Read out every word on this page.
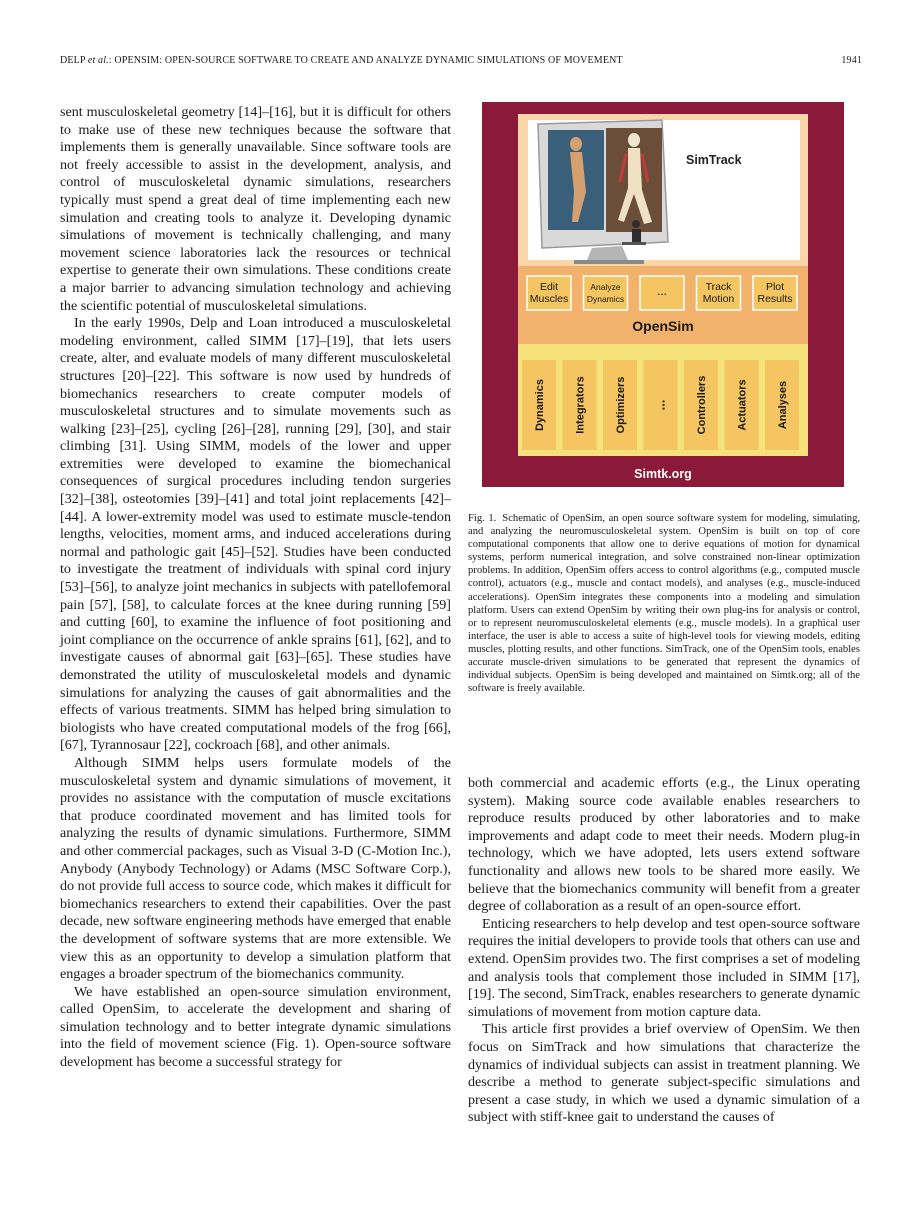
DELP et al.: OPENSIM: OPEN-SOURCE SOFTWARE TO CREATE AND ANALYZE DYNAMIC SIMULATIONS OF MOVEMENT	1941

sent musculoskeletal geometry [14]–[16], but it is difficult for others to make use of these new techniques because the software that implements them is generally unavailable. Since software tools are not freely accessible to assist in the development, analysis, and control of musculoskeletal dynamic simulations, researchers typically must spend a great deal of time implementing each new simulation and creating tools to analyze it. Developing dynamic simulations of movement is technically challenging, and many movement science laboratories lack the resources or technical expertise to generate their own simulations. These conditions create a major barrier to advancing simulation technology and achieving the scientific potential of musculoskeletal simulations.

In the early 1990s, Delp and Loan introduced a musculoskeletal modeling environment, called SIMM [17]–[19], that lets users create, alter, and evaluate models of many different musculoskeletal structures [20]–[22]. This software is now used by hundreds of biomechanics researchers to create computer models of musculoskeletal structures and to simulate movements such as walking [23]–[25], cycling [26]–[28], running [29], [30], and stair climbing [31]. Using SIMM, models of the lower and upper extremities were developed to examine the biomechanical consequences of surgical procedures including tendon surgeries [32]–[38], osteotomies [39]–[41] and total joint replacements [42]–[44]. A lower-extremity model was used to estimate muscle-tendon lengths, velocities, moment arms, and induced accelerations during normal and pathologic gait [45]–[52]. Studies have been conducted to investigate the treatment of individuals with spinal cord injury [53]–[56], to analyze joint mechanics in subjects with patellofemoral pain [57], [58], to calculate forces at the knee during running [59] and cutting [60], to examine the influence of foot positioning and joint compliance on the occurrence of ankle sprains [61], [62], and to investigate causes of abnormal gait [63]–[65]. These studies have demonstrated the utility of musculoskeletal models and dynamic simulations for analyzing the causes of gait abnormalities and the effects of various treatments. SIMM has helped bring simulation to biologists who have created computational models of the frog [66], [67], Tyrannosaur [22], cockroach [68], and other animals.

Although SIMM helps users formulate models of the musculoskeletal system and dynamic simulations of movement, it provides no assistance with the computation of muscle excitations that produce coordinated movement and has limited tools for analyzing the results of dynamic simulations. Furthermore, SIMM and other commercial packages, such as Visual 3-D (C-Motion Inc.), Anybody (Anybody Technology) or Adams (MSC Software Corp.), do not provide full access to source code, which makes it difficult for biomechanics researchers to extend their capabilities. Over the past decade, new software engineering methods have emerged that enable the development of software systems that are more extensible. We view this as an opportunity to develop a simulation platform that engages a broader spectrum of the biomechanics community.

We have established an open-source simulation environment, called OpenSim, to accelerate the development and sharing of simulation technology and to better integrate dynamic simulations into the field of movement science (Fig. 1). Open-source software development has become a successful strategy for

SimTrack
Edit
Muscles
Analyze
Dynamics
...	Track
Motion
Plot
Results
OpenSim
Dynamics	Integrators	Optimizers ...	Controllers	Actuators	Analyses
Simtk.org
Fig. 1. Schematic of OpenSim, an open source software system for modeling, simulating, and analyzing the neuromusculoskeletal system. OpenSim is built on top of core computational components that allow one to derive equations of motion for dynamical systems, perform numerical integration, and solve constrained non-linear optimization problems. In addition, OpenSim offers access to control algorithms (e.g., computed muscle control), actuators (e.g., muscle and contact models), and analyses (e.g., muscle-induced accelerations). OpenSim integrates these components into a modeling and simulation platform. Users can extend OpenSim by writing their own plug-ins for analysis or control, or to represent neuromusculoskeletal elements (e.g., muscle models). In a graphical user interface, the user is able to access a suite of high-level tools for viewing models, editing muscles, plotting results, and other functions. SimTrack, one of the OpenSim tools, enables accurate muscle-driven simulations to be generated that represent the dynamics of individual subjects. OpenSim is being developed and maintained on Simtk.org; all of the software is freely available.

both commercial and academic efforts (e.g., the Linux operating system). Making source code available enables researchers to reproduce results produced by other laboratories and to make improvements and adapt code to meet their needs. Modern plug-in technology, which we have adopted, lets users extend software functionality and allows new tools to be shared more easily. We believe that the biomechanics community will benefit from a greater degree of collaboration as a result of an open-source effort.

Enticing researchers to help develop and test open-source software requires the initial developers to provide tools that others can use and extend. OpenSim provides two. The first comprises a set of modeling and analysis tools that complement those included in SIMM [17], [19]. The second, SimTrack, enables researchers to generate dynamic simulations of movement from motion capture data.

This article first provides a brief overview of OpenSim. We then focus on SimTrack and how simulations that characterize the dynamics of individual subjects can assist in treatment planning. We describe a method to generate subject-specific simulations and present a case study, in which we used a dynamic simulation of a subject with stiff-knee gait to understand the causes of
